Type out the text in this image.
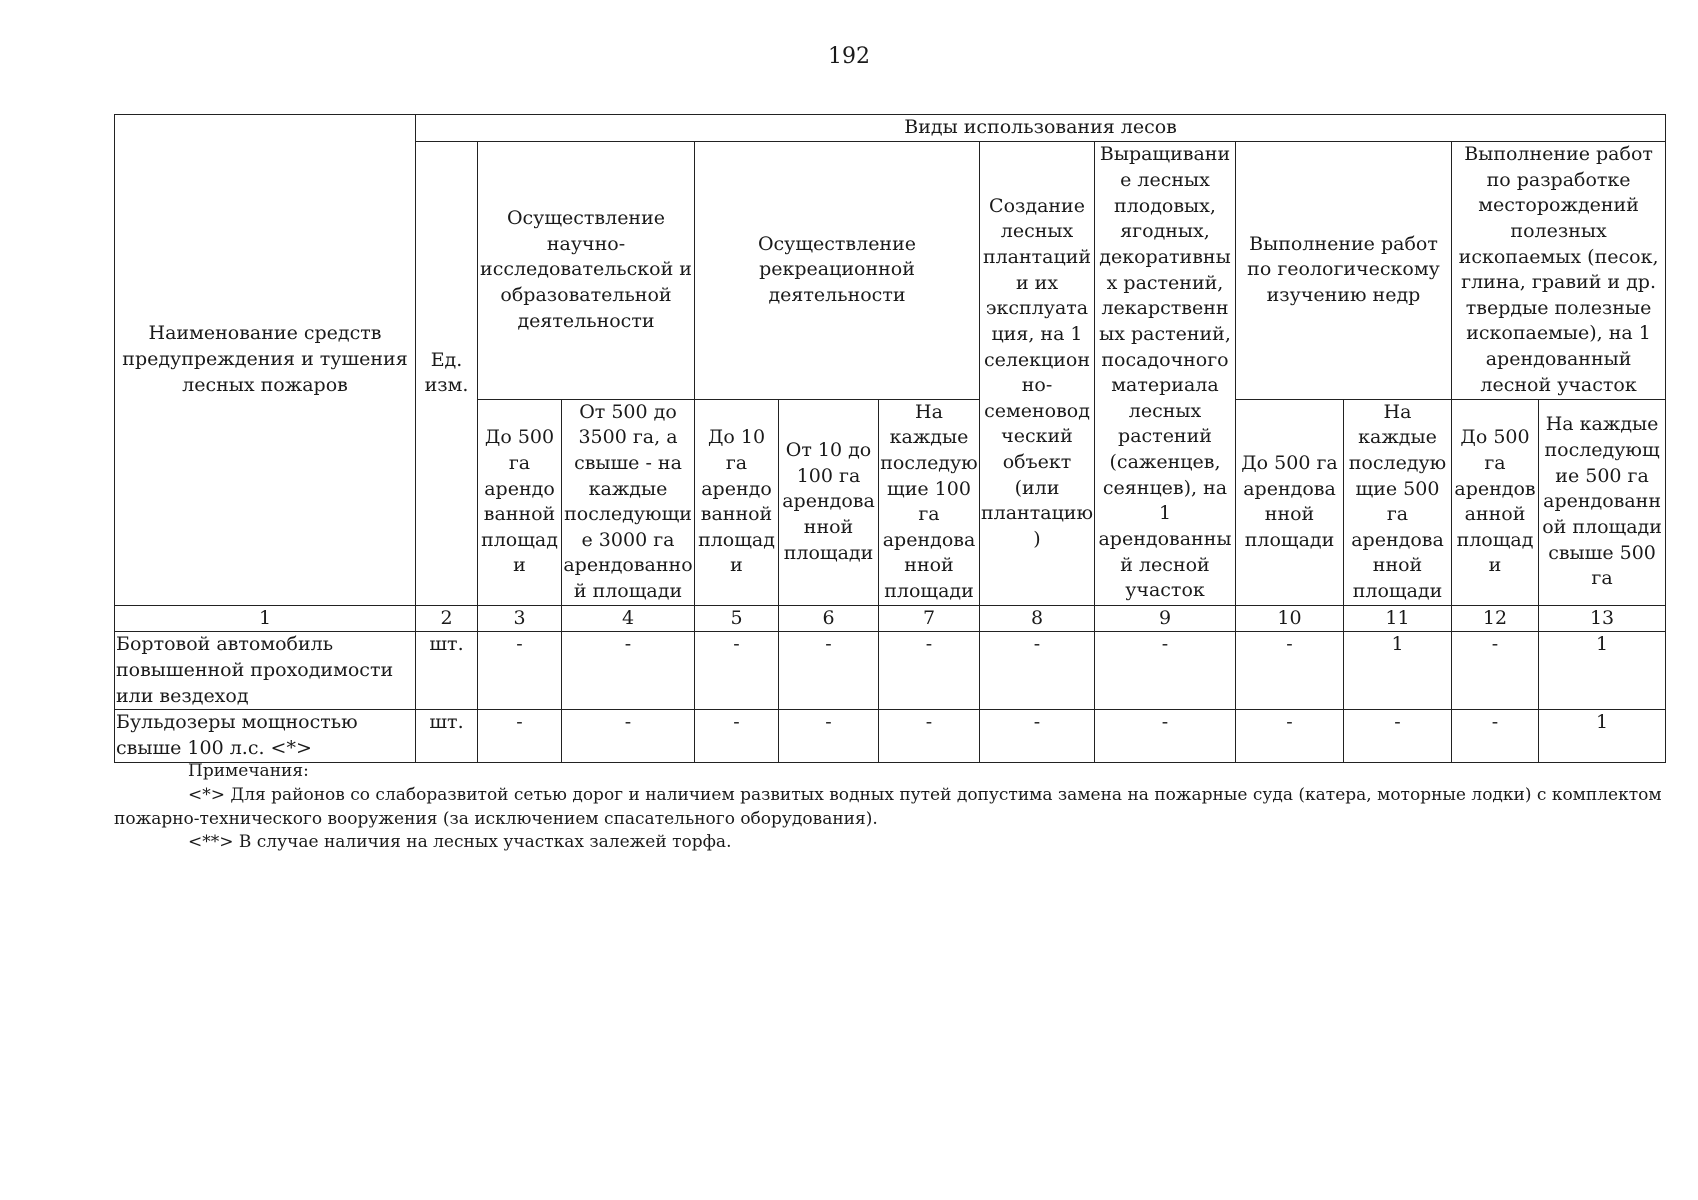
192
Наименование средств предупреждения и тушения лесных пожаров	Виды использования лесов											
	Ед. изм.	Осуществление научно-исследовательской и образовательной деятельности		Осуществление рекреационной деятельности			Создание лесных плантаций и их эксплуатация, на 1 селекционно-семеноводческий объект (или плантацию)	Выращивание лесных плодовых, ягодных, декоративных растений, лекарственных растений, посадочного материала лесных растений (саженцев, сеянцев), на 1 арендованный лесной участок	Выполнение работ по геологическому изучению недр		Выполнение работ по разработке месторождений полезных ископаемых (песок, глина, гравий и др. твердые полезные ископаемые), на 1 арендованный лесной участок	
		До 500 га арендованной площади	От 500 до 3500 га, а свыше - на каждые последующие 3000 га арендованной площади	До 10 га арендованной площади	От 10 до 100 га арендованной площади	На каждые последующие 100 га арендованной площади			До 500 га арендованной площади	На каждые последующие 500 га арендованной площади	До 500 га арендованной площади	На каждые последующие 500 га арендованной площади свыше 500 га
1	2	3	4	5	6	7	8	9	10	11	12	13
Бортовой автомобиль повышенной проходимости или вездеход	шт.	-	-	-	-	-	-	-	-	1	-	1
Бульдозеры мощностью свыше 100 л.с. <*>	шт.	-	-	-	-	-	-	-	-	-	-	1
Примечания:
<*> Для районов со слаборазвитой сетью дорог и наличием развитых водных путей допустима замена на пожарные суда (катера, моторные лодки) с комплектом пожарно-технического вооружения (за исключением спасательного оборудования).
<**> В случае наличия на лесных участках залежей торфа.
